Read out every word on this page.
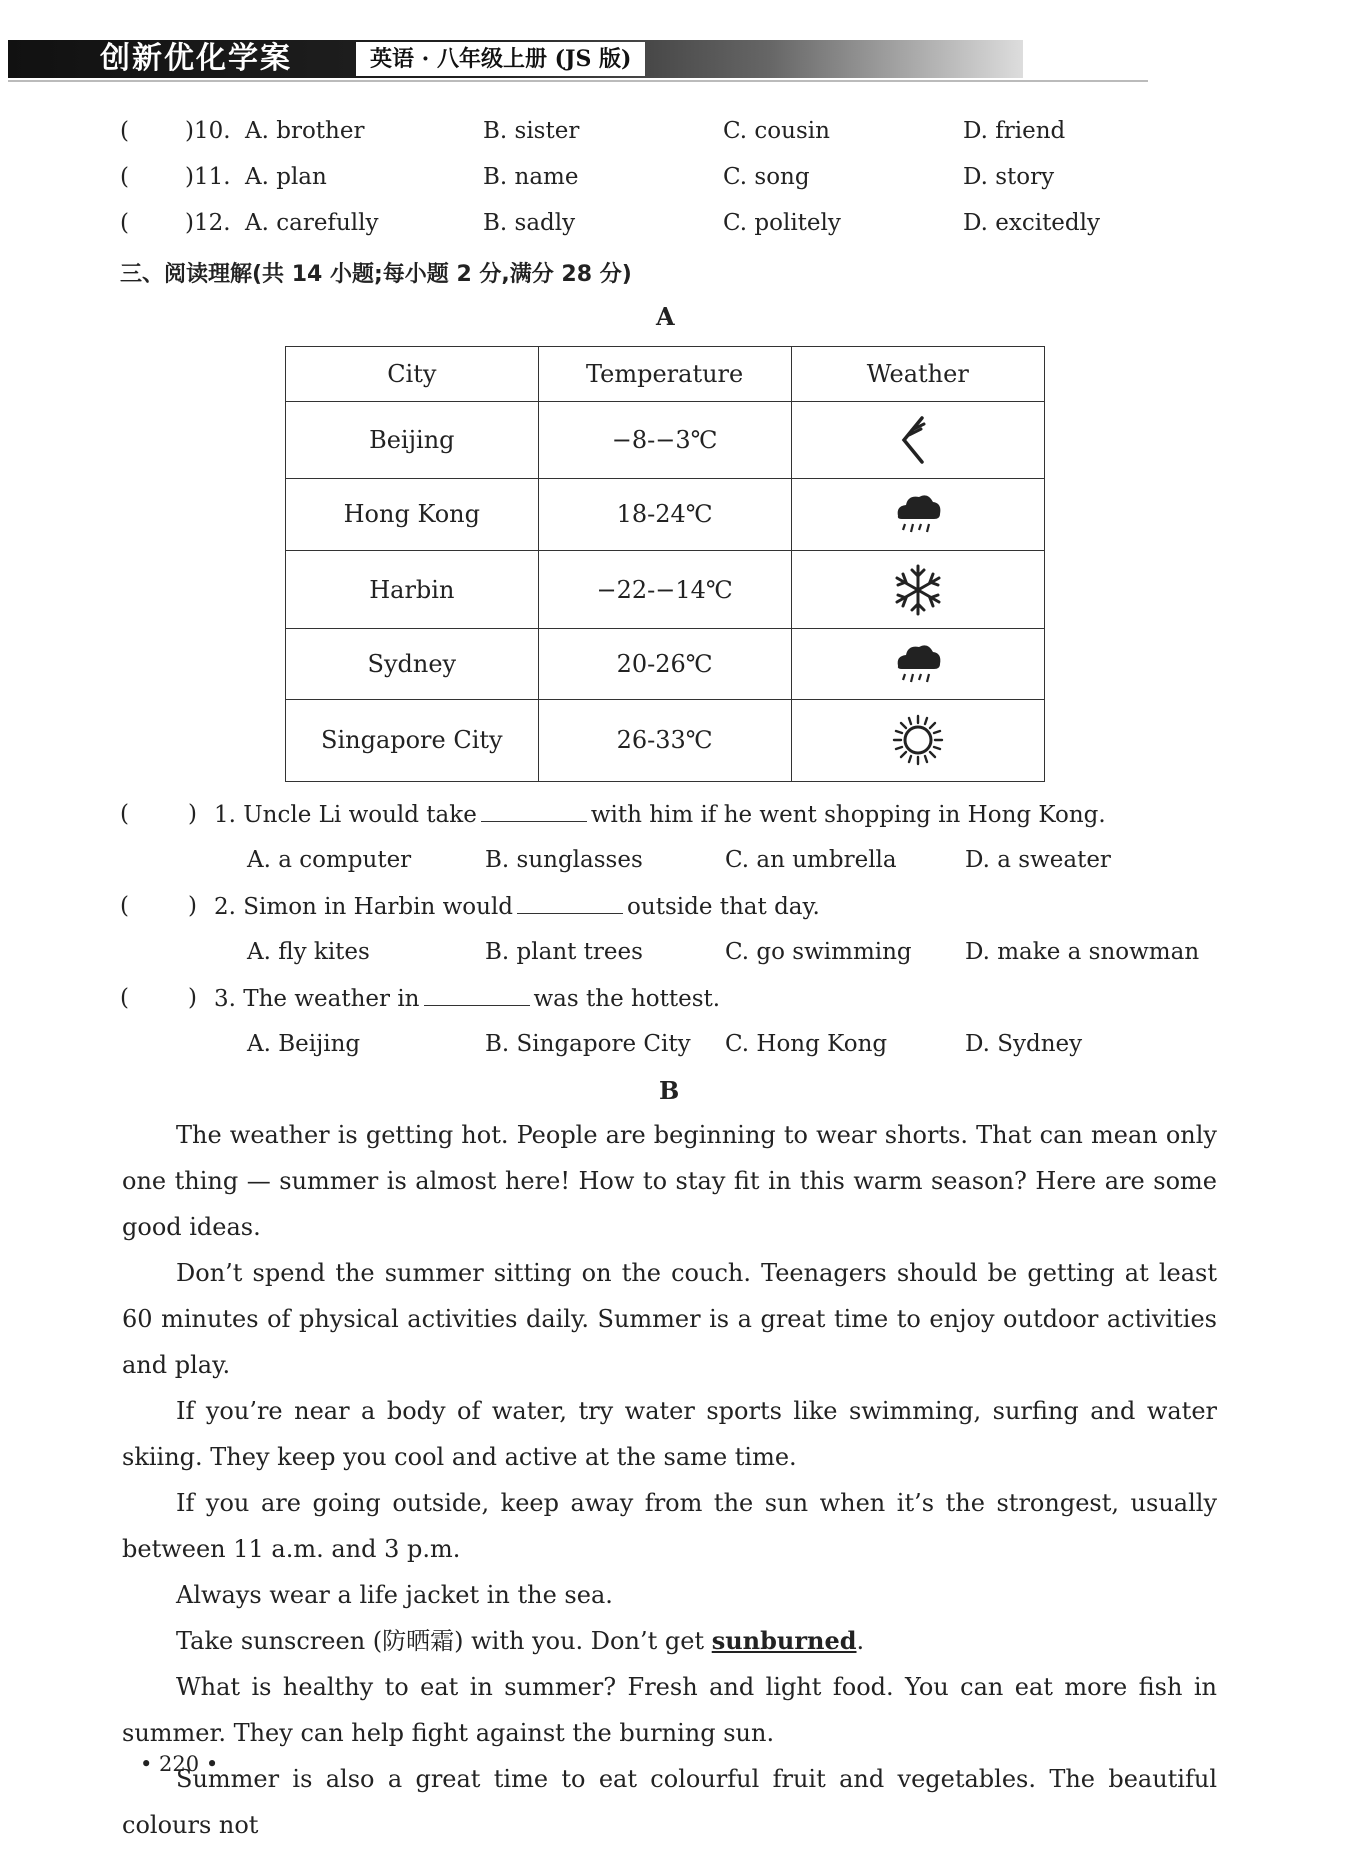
创新优化学案	英语 · 八年级上册 (JS 版)
( )10. A. brother	B. sister	C. cousin	D. friend
( )11. A. plan	B. name	C. song	D. story
( )12. A. carefully	B. sadly	C. politely	D. excitedly
三、阅读理解(共 14 小题;每小题 2 分,满分 28 分)
A
City	Temperature	Weather
Beijing	−8-−3℃	
Hong Kong	18-24℃	
Harbin	−22-−14℃	
Sydney	20-26℃	
Singapore City	26-33℃	
(	) 1. Uncle Li would take	with him if he went shopping in Hong Kong.
A. a computer	B. sunglasses	C. an umbrella	D. a sweater
(	) 2. Simon in Harbin would	outside that day.
A. fly kites	B. plant trees	C. go swimming D. make a snowman
(	) 3. The weather in	was the hottest.
A. Beijing	B. Singapore City C. Hong Kong	D. Sydney
B

The weather is getting hot. People are beginning to wear shorts. That can mean only one thing — summer is almost here! How to stay fit in this warm season? Here are some good ideas.

Don’t spend the summer sitting on the couch. Teenagers should be getting at least 60 minutes of physical activities daily. Summer is a great time to enjoy outdoor activities and play.

If you’re near a body of water, try water sports like swimming, surfing and water skiing. They keep you cool and active at the same time.

If you are going outside, keep away from the sun when it’s the strongest, usually between 11 a.m. and 3 p.m.

Always wear a life jacket in the sea.

Take sunscreen (防晒霜) with you. Don’t get sunburned.

What is healthy to eat in summer? Fresh and light food. You can eat more fish in summer. They can help fight against the burning sun.

Summer is also a great time to eat colourful fruit and vegetables. The beautiful colours not

• 220 •
